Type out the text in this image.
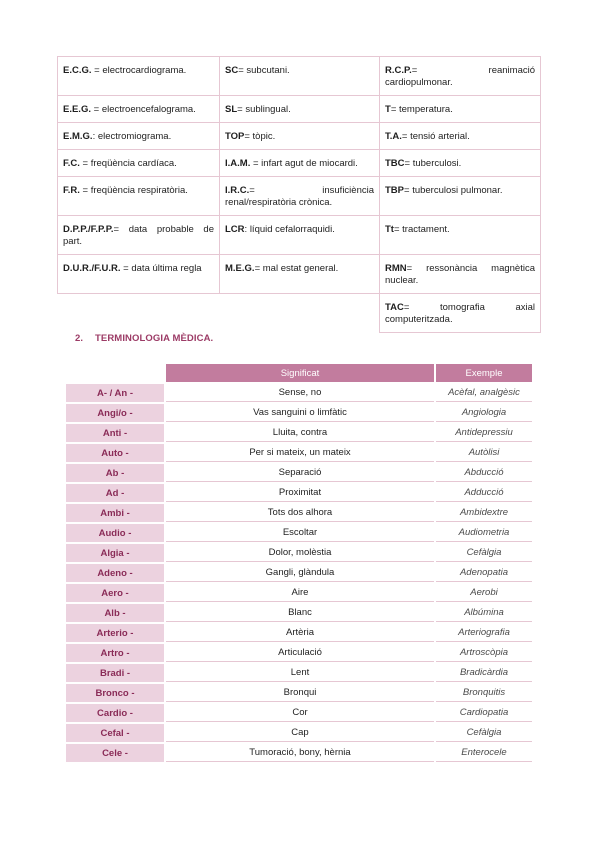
E.C.G. = electrocardiograma.	SC= subcutani.	R.C.P.= reanimació cardiopulmonar.
E.E.G. = electroencefalograma.	SL= sublingual.	T= temperatura.
E.M.G.: electromiograma.	TOP= tòpic.	T.A.= tensió arterial.
F.C. = freqüència cardíaca.	I.A.M. = infart agut de miocardi.	TBC= tuberculosi.
F.R. = freqüència respiratòria.	I.R.C.= insuficiència renal/respiratòria crònica.	TBP= tuberculosi pulmonar.
D.P.P./F.P.P.= data probable de part.	LCR: líquid cefalorraquidi.	Tt= tractament.
D.U.R./F.U.R. = data última regla	M.E.G.= mal estat general.	RMN= ressonància magnètica nuclear.
		TAC= tomografia axial computeritzada.
2. TERMINOLOGIA MÈDICA.
	Significat	Exemple
A- / An -	Sense, no	Acèfal, analgèsic
Angi/o -	Vas sanguini o limfàtic	Angiologia
Anti -	Lluita, contra	Antidepressiu
Auto -	Per si mateix, un mateix	Autòlisi
Ab -	Separació	Abducció
Ad -	Proximitat	Adducció
Ambi -	Tots dos alhora	Ambidextre
Audio -	Escoltar	Audiometria
Algia -	Dolor, molèstia	Cefàlgia
Adeno -	Gangli, glàndula	Adenopatia
Aero -	Aire	Aerobi
Alb -	Blanc	Albúmina
Arterio -	Artèria	Arteriografia
Artro -	Articulació	Artroscòpia
Bradi -	Lent	Bradicàrdia
Bronco -	Bronqui	Bronquitis
Cardio -	Cor	Cardiopatia
Cefal -	Cap	Cefàlgia
Cele -	Tumoració, bony, hèrnia	Enterocele
